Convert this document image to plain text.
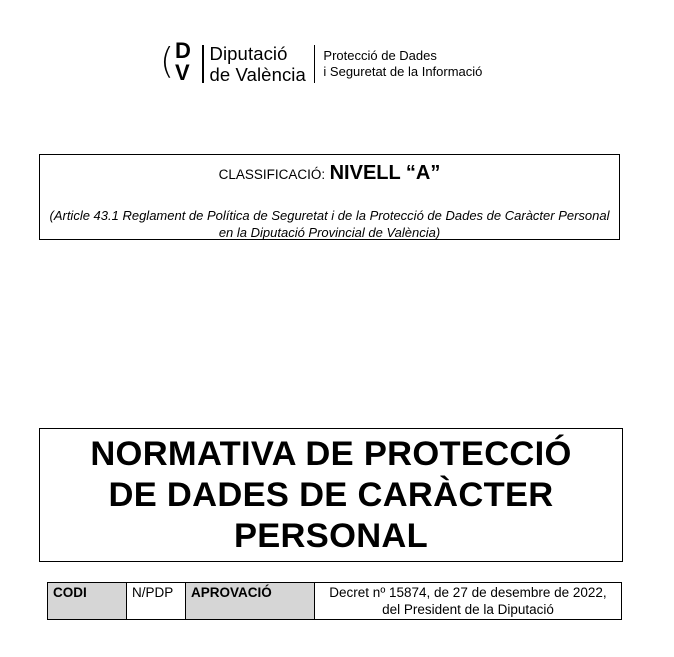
( D
V
Diputació
de València
Protecció de Dades
i Seguretat de la Informació
CLASSIFICACIÓ: NIVELL “A”
(Article 43.1 Reglament de Política de Seguretat i de la Protecció de Dades de Caràcter Personal en la Diputació Provincial de València)
NORMATIVA DE PROTECCIÓ
DE DADES DE CARÀCTER
PERSONAL
CODI	N/PDP	APROVACIÓ	Decret nº 15874, de 27 de desembre de 2022, del President de la Diputació
